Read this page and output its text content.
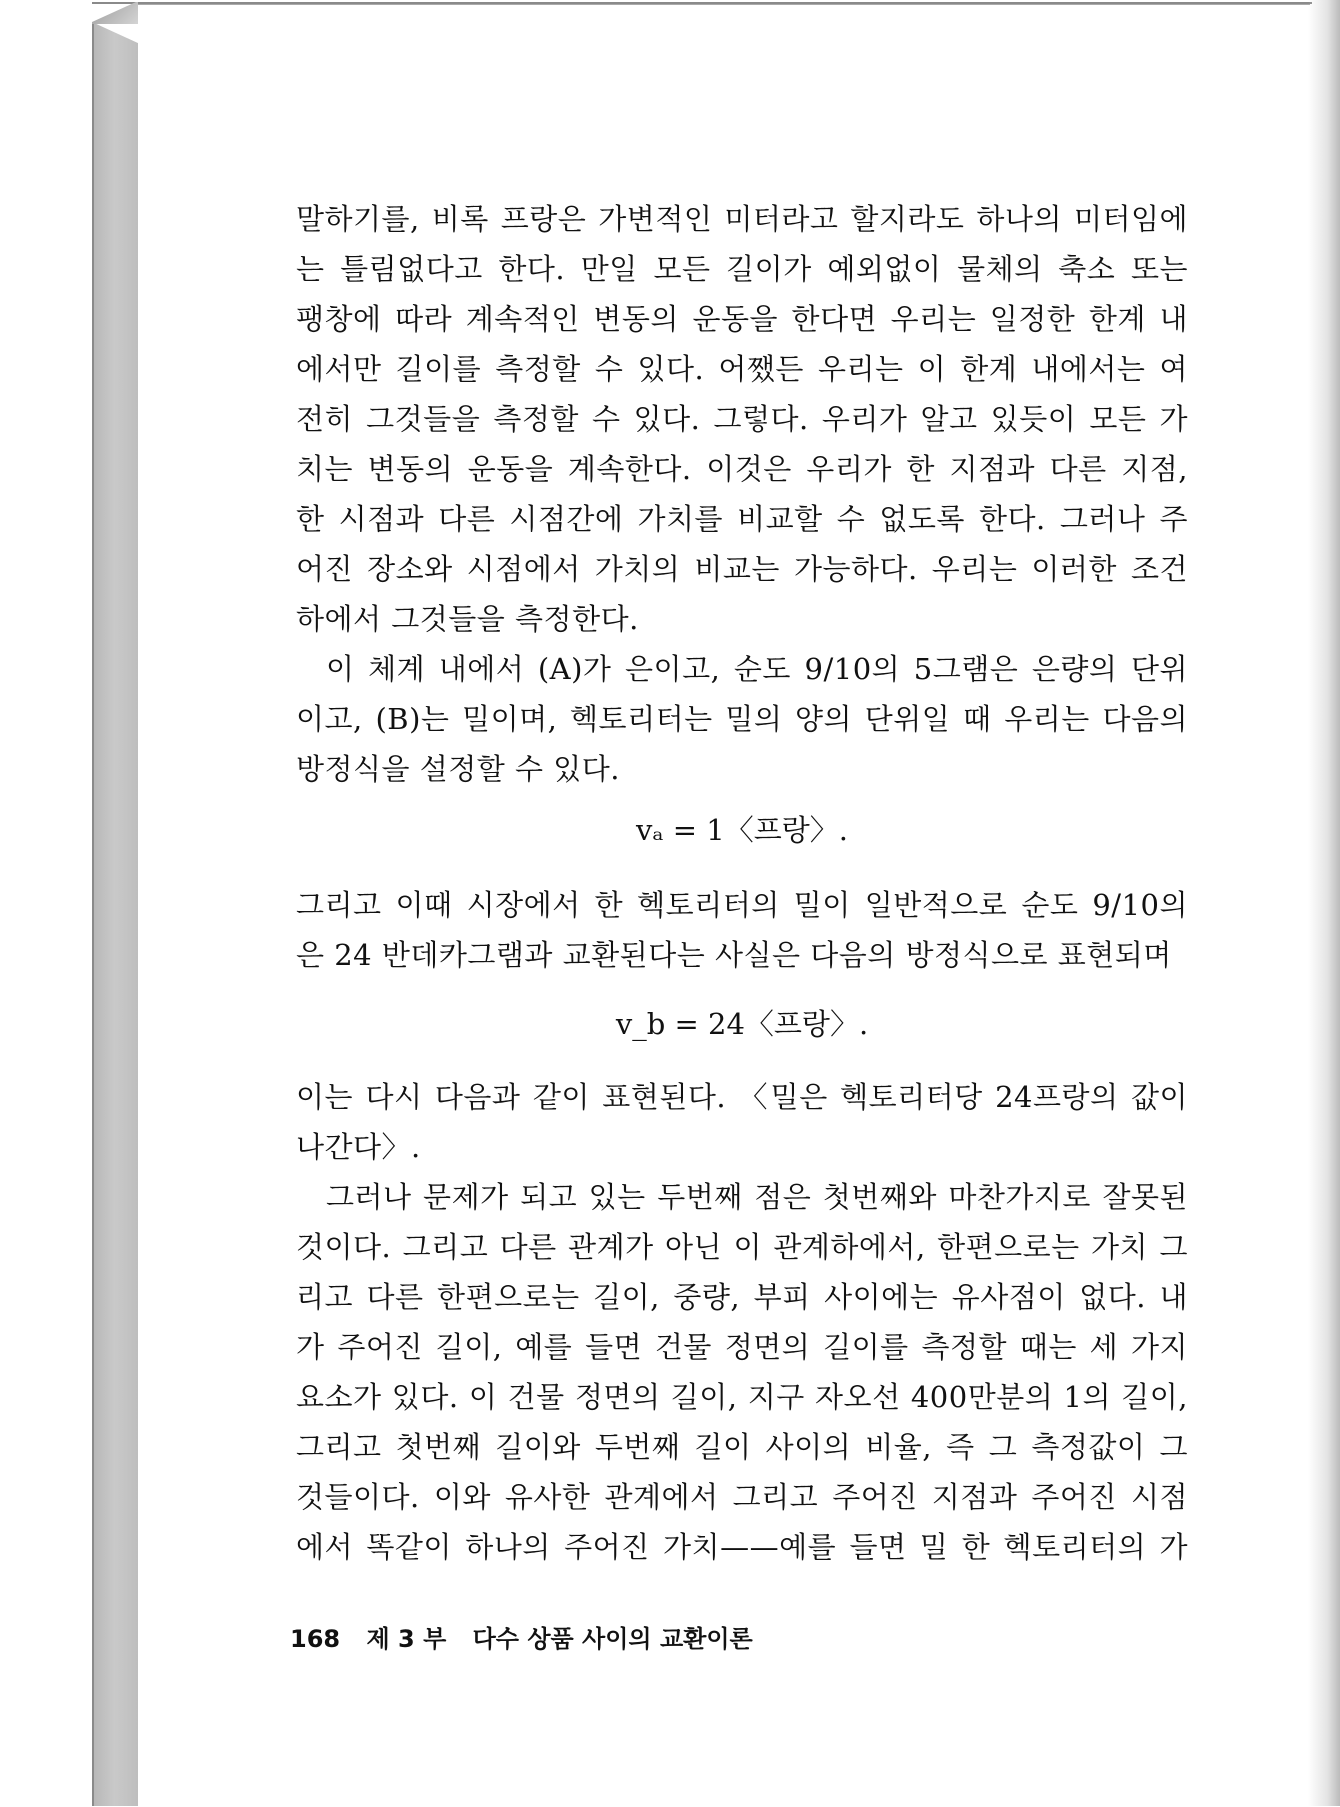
말하기를, 비록 프랑은 가변적인 미터라고 할지라도 하나의 미터임에
는 틀림없다고 한다. 만일 모든 길이가 예외없이 물체의 축소 또는
팽창에 따라 계속적인 변동의 운동을 한다면 우리는 일정한 한계 내
에서만 길이를 측정할 수 있다. 어쨌든 우리는 이 한계 내에서는 여
전히 그것들을 측정할 수 있다. 그렇다. 우리가 알고 있듯이 모든 가
치는 변동의 운동을 계속한다. 이것은 우리가 한 지점과 다른 지점,
한 시점과 다른 시점간에 가치를 비교할 수 없도록 한다. 그러나 주
어진 장소와 시점에서 가치의 비교는 가능하다. 우리는 이러한 조건
하에서 그것들을 측정한다.
이 체계 내에서 (A)가 은이고, 순도 9/10의 5그램은 은량의 단위
이고, (B)는 밀이며, 헥토리터는 밀의 양의 단위일 때 우리는 다음의
방정식을 설정할 수 있다.
vₐ = 1〈프랑〉.
그리고 이때 시장에서 한 헥토리터의 밀이 일반적으로 순도 9/10의
은 24 반데카그램과 교환된다는 사실은 다음의 방정식으로 표현되며
v_b = 24〈프랑〉.
이는 다시 다음과 같이 표현된다. 〈밀은 헥토리터당 24프랑의 값이
나간다〉.
그러나 문제가 되고 있는 두번째 점은 첫번째와 마찬가지로 잘못된
것이다. 그리고 다른 관계가 아닌 이 관계하에서, 한편으로는 가치 그
리고 다른 한편으로는 길이, 중량, 부피 사이에는 유사점이 없다. 내
가 주어진 길이, 예를 들면 건물 정면의 길이를 측정할 때는 세 가지
요소가 있다. 이 건물 정면의 길이, 지구 자오선 400만분의 1의 길이,
그리고 첫번째 길이와 두번째 길이 사이의 비율, 즉 그 측정값이 그
것들이다. 이와 유사한 관계에서 그리고 주어진 지점과 주어진 시점
에서 똑같이 하나의 주어진 가치——예를 들면 밀 한 헥토리터의 가
168 제 3 부 다수 상품 사이의 교환이론
